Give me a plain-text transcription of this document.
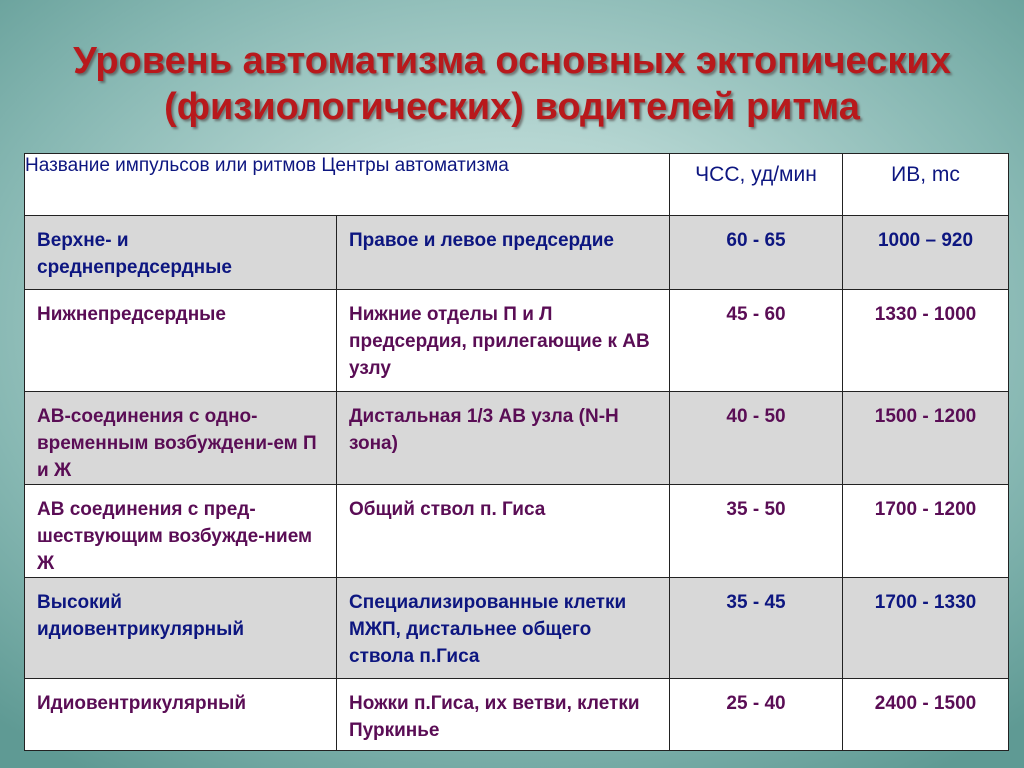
Уровень автоматизма основных эктопических
(физиологических) водителей ритма
Название импульсов или ритмов Центры автоматизма		ЧСС, уд/мин	ИВ, mc

Верхне- и среднепредсердные	Правое и левое предсердие	60 - 65	1000 – 920

Нижнепредсердные	Нижние отделы П и Л предсердия, прилегающие к АВ узлу	45 - 60	1330 - 1000

АВ-соединения с одно-временным возбуждени-ем П и Ж	Дистальная 1/3 АВ узла (N-H зона)	40 - 50	1500 - 1200

АВ соединения с пред-шествующим возбужде-нием Ж	Общий ствол п. Гиса	35 - 50	1700 - 1200

Высокий идиовентрикулярный	Специализированные клетки МЖП, дистальнее общего ствола п.Гиса	35 - 45	1700 - 1330

Идиовентрикулярный	Ножки п.Гиса, их ветви, клетки Пуркинье	25 - 40	2400 - 1500
